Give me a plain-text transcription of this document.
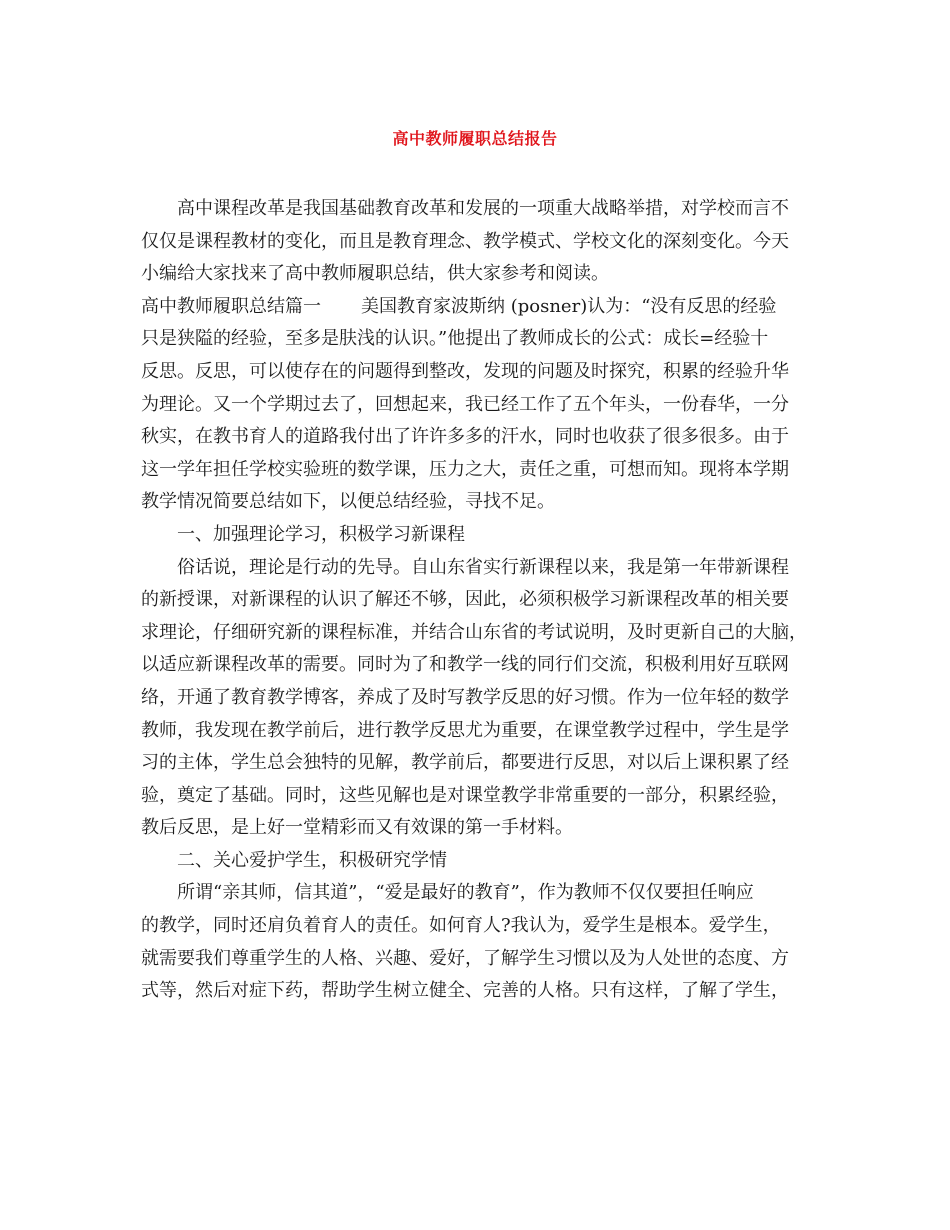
高中教师履职总结报告
高中课程改革是我国基础教育改革和发展的一项重大战略举措，对学校而言不
仅仅是课程教材的变化，而且是教育理念、教学模式、学校文化的深刻变化。今天
小编给大家找来了高中教师履职总结，供大家参考和阅读。
高中教师履职总结篇一 美国教育家波斯纳 (posner)认为：“没有反思的经验
只是狭隘的经验，至多是肤浅的认识。”他提出了教师成长的公式：成长=经验十
反思。反思，可以使存在的问题得到整改，发现的问题及时探究，积累的经验升华
为理论。又一个学期过去了，回想起来，我已经工作了五个年头，一份春华，一分
秋实，在教书育人的道路我付出了许许多多的汗水，同时也收获了很多很多。由于
这一学年担任学校实验班的数学课，压力之大，责任之重，可想而知。现将本学期
教学情况简要总结如下，以便总结经验，寻找不足。
一、加强理论学习，积极学习新课程
俗话说，理论是行动的先导。自山东省实行新课程以来，我是第一年带新课程
的新授课，对新课程的认识了解还不够，因此，必须积极学习新课程改革的相关要
求理论，仔细研究新的课程标准，并结合山东省的考试说明，及时更新自己的大脑，
以适应新课程改革的需要。同时为了和教学一线的同行们交流，积极利用好互联网
络，开通了教育教学博客，养成了及时写教学反思的好习惯。作为一位年轻的数学
教师，我发现在教学前后，进行教学反思尤为重要，在课堂教学过程中，学生是学
习的主体，学生总会独特的见解，教学前后，都要进行反思，对以后上课积累了经
验，奠定了基础。同时，这些见解也是对课堂教学非常重要的一部分，积累经验，
教后反思，是上好一堂精彩而又有效课的第一手材料。
二、关心爱护学生，积极研究学情
所谓“亲其师，信其道”，“爱是最好的教育”，作为教师不仅仅要担任响应
的教学，同时还肩负着育人的责任。如何育人?我认为，爱学生是根本。爱学生，
就需要我们尊重学生的人格、兴趣、爱好，了解学生习惯以及为人处世的态度、方
式等，然后对症下药，帮助学生树立健全、完善的人格。只有这样，了解了学生，
